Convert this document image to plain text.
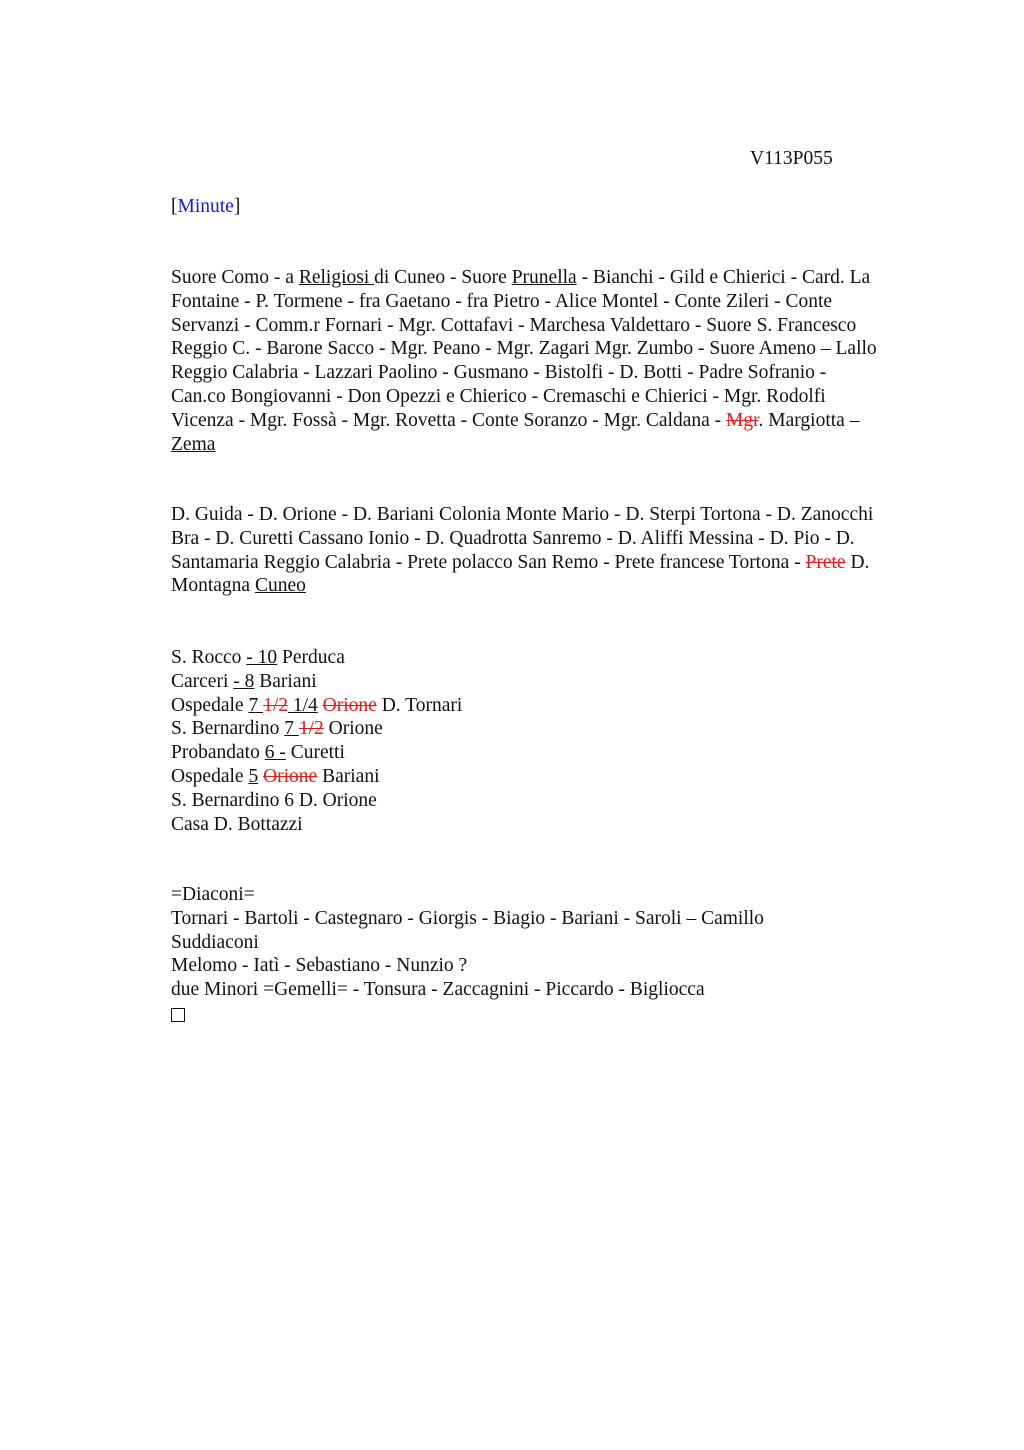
V113P055
[Minute]
Suore Como - a Religiosi di Cuneo - Suore Prunella - Bianchi - Gild e Chierici - Card. La
Fontaine - P. Tormene - fra Gaetano - fra Pietro - Alice Montel - Conte Zileri - Conte
Servanzi - Comm.r Fornari - Mgr. Cottafavi - Marchesa Valdettaro - Suore S. Francesco
Reggio C. - Barone Sacco - Mgr. Peano - Mgr. Zagari Mgr. Zumbo - Suore Ameno – Lallo
Reggio Calabria - Lazzari Paolino - Gusmano - Bistolfi - D. Botti - Padre Sofranio -
Can.co Bongiovanni - Don Opezzi e Chierico - Cremaschi e Chierici - Mgr. Rodolfi
Vicenza - Mgr. Fossà - Mgr. Rovetta - Conte Soranzo - Mgr. Caldana - Mgr. Margiotta –
Zema
D. Guida - D. Orione - D. Bariani Colonia Monte Mario - D. Sterpi Tortona - D. Zanocchi
Bra - D. Curetti Cassano Ionio - D. Quadrotta Sanremo - D. Aliffi Messina - D. Pio - D.
Santamaria Reggio Calabria - Prete polacco San Remo - Prete francese Tortona - Prete D.
Montagna Cuneo
S. Rocco - 10 Perduca
Carceri - 8 Bariani
Ospedale 7 1/2 1/4 Orione D. Tornari
S. Bernardino 7 1/2 Orione
Probandato 6 - Curetti
Ospedale 5 Orione Bariani
S. Bernardino 6 D. Orione
Casa D. Bottazzi
=Diaconi=
Tornari - Bartoli - Castegnaro - Giorgis - Biagio - Bariani - Saroli – Camillo
Suddiaconi
Melomo - Iatì - Sebastiano - Nunzio ?
due Minori =Gemelli= - Tonsura - Zaccagnini - Piccardo - Bigliocca
